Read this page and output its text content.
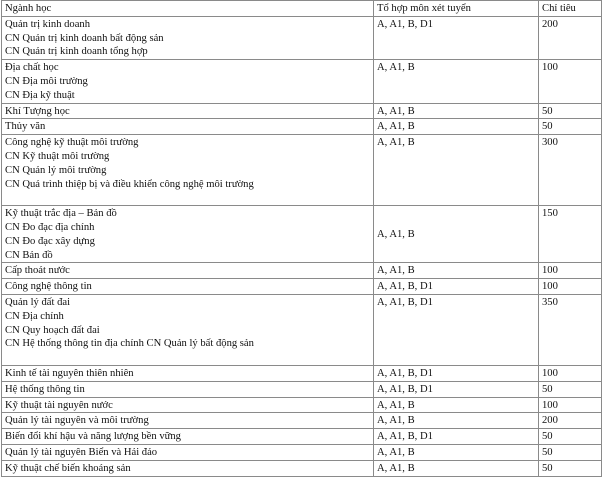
Ngành học	Tổ hợp môn xét tuyển	Chỉ tiêu

Quản trị kinh doanh
CN Quản trị kinh doanh bất động sản
CN Quản trị kinh doanh tổng hợp	A, A1, B, D1	200

Địa chất học
CN Địa môi trường
CN Địa kỹ thuật	A, A1, B	100

Khí Tượng học	A, A1, B	50

Thủy văn	A, A1, B	50

Công nghệ kỹ thuật môi trường
CN Kỹ thuật môi trường
CN Quản lý môi trường
CN Quá trình thiệp bị và điều khiển công nghệ môi trường	A, A1, B	300

Kỹ thuật trắc địa – Bản đồ
CN Đo đạc địa chính
CN Đo đạc xây dựng
CN Bản đồ	A, A1, B	150

Cấp thoát nước	A, A1, B	100

Công nghệ thông tin	A, A1, B, D1	100

Quản lý đất đai
CN Địa chính
CN Quy hoạch đất đai
CN Hệ thống thông tin địa chính CN Quản lý bất động sản	A, A1, B, D1	350

Kinh tế tài nguyên thiên nhiên	A, A1, B, D1	100

Hệ thống thông tin	A, A1, B, D1	50

Kỹ thuật tài nguyên nước	A, A1, B	100

Quản lý tài nguyên và môi trường	A, A1, B	200

Biến đổi khí hậu và năng lượng bền vững	A, A1, B, D1	50

Quản lý tài nguyên Biển và Hải đảo	A, A1, B	50

Kỹ thuật chế biến khoáng sản	A, A1, B	50
